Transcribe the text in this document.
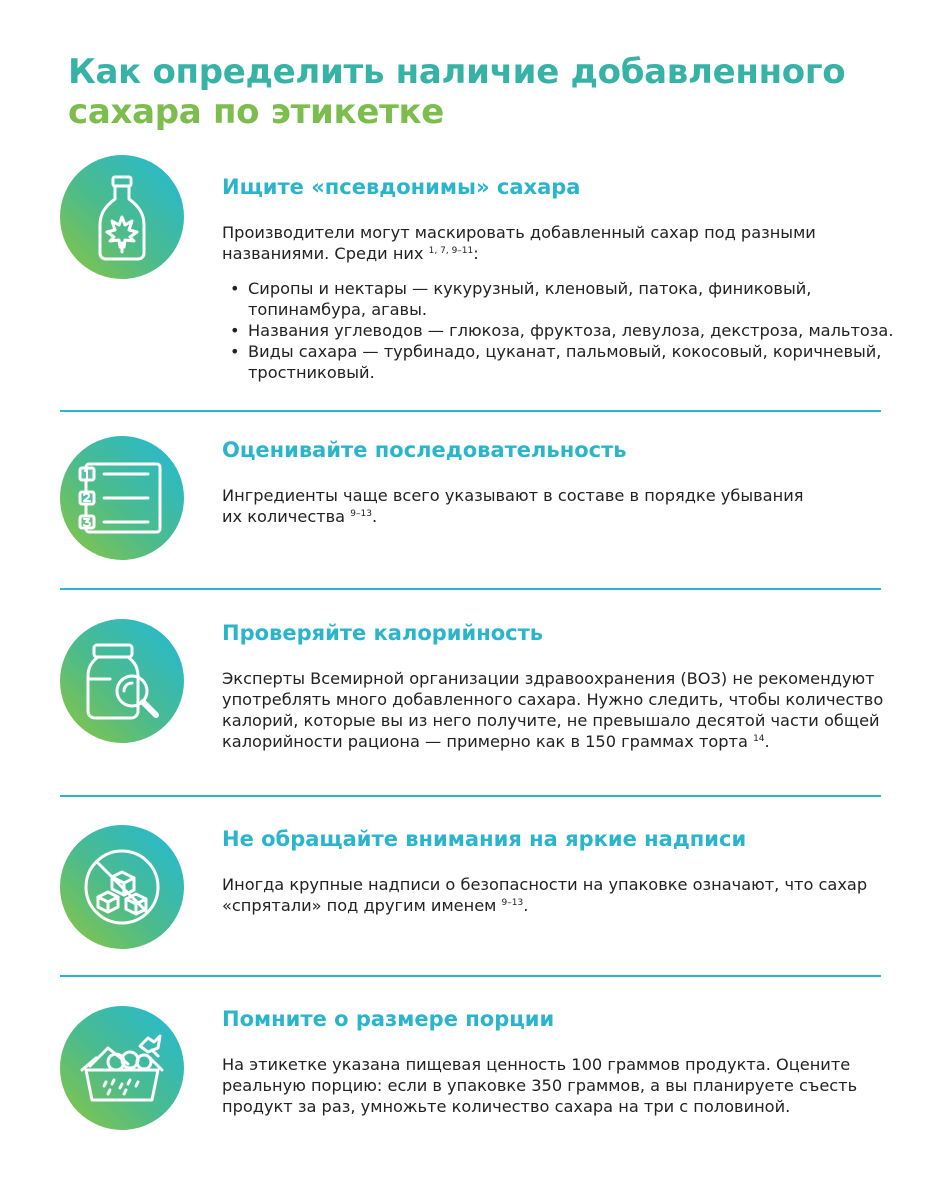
Как определить наличие добавленного
сахара по этикетке
Ищите «псевдонимы» сахара

Производители могут маскировать добавленный сахар под разными названиями. Среди них $^{1, 7, 9-11}$:

• Сиропы и нектары — кукурузный, кленовый, патока, финиковый, топинамбура, агавы.
• Названия углеводов — глюкоза, фруктоза, левулоза, декстроза, мальтоза.
• Виды сахара — турбинадо, цуканат, пальмовый, кокосовый, коричневый, тростниковый.
Оценивайте последовательность

Ингредиенты чаще всего указывают в составе в порядке убывания их количества $^{9-13}$.

Проверяйте калорийность

Эксперты Всемирной организации здравоохранения (ВОЗ) не рекомендуют употреблять много добавленного сахара. Нужно следить, чтобы количество калорий, которые вы из него получите, не превышало десятой части общей калорийности рациона — примерно как в 150 граммах торта $^{14}$.

Не обращайте внимания на яркие надписи

Иногда крупные надписи о безопасности на упаковке означают, что сахар «спрятали» под другим именем $^{9-13}$.

Помните о размере порции

На этикетке указана пищевая ценность 100 граммов продукта. Оцените реальную порцию: если в упаковке 350 граммов, а вы планируете съесть продукт за раз, умножьте количество сахара на три с половиной.
